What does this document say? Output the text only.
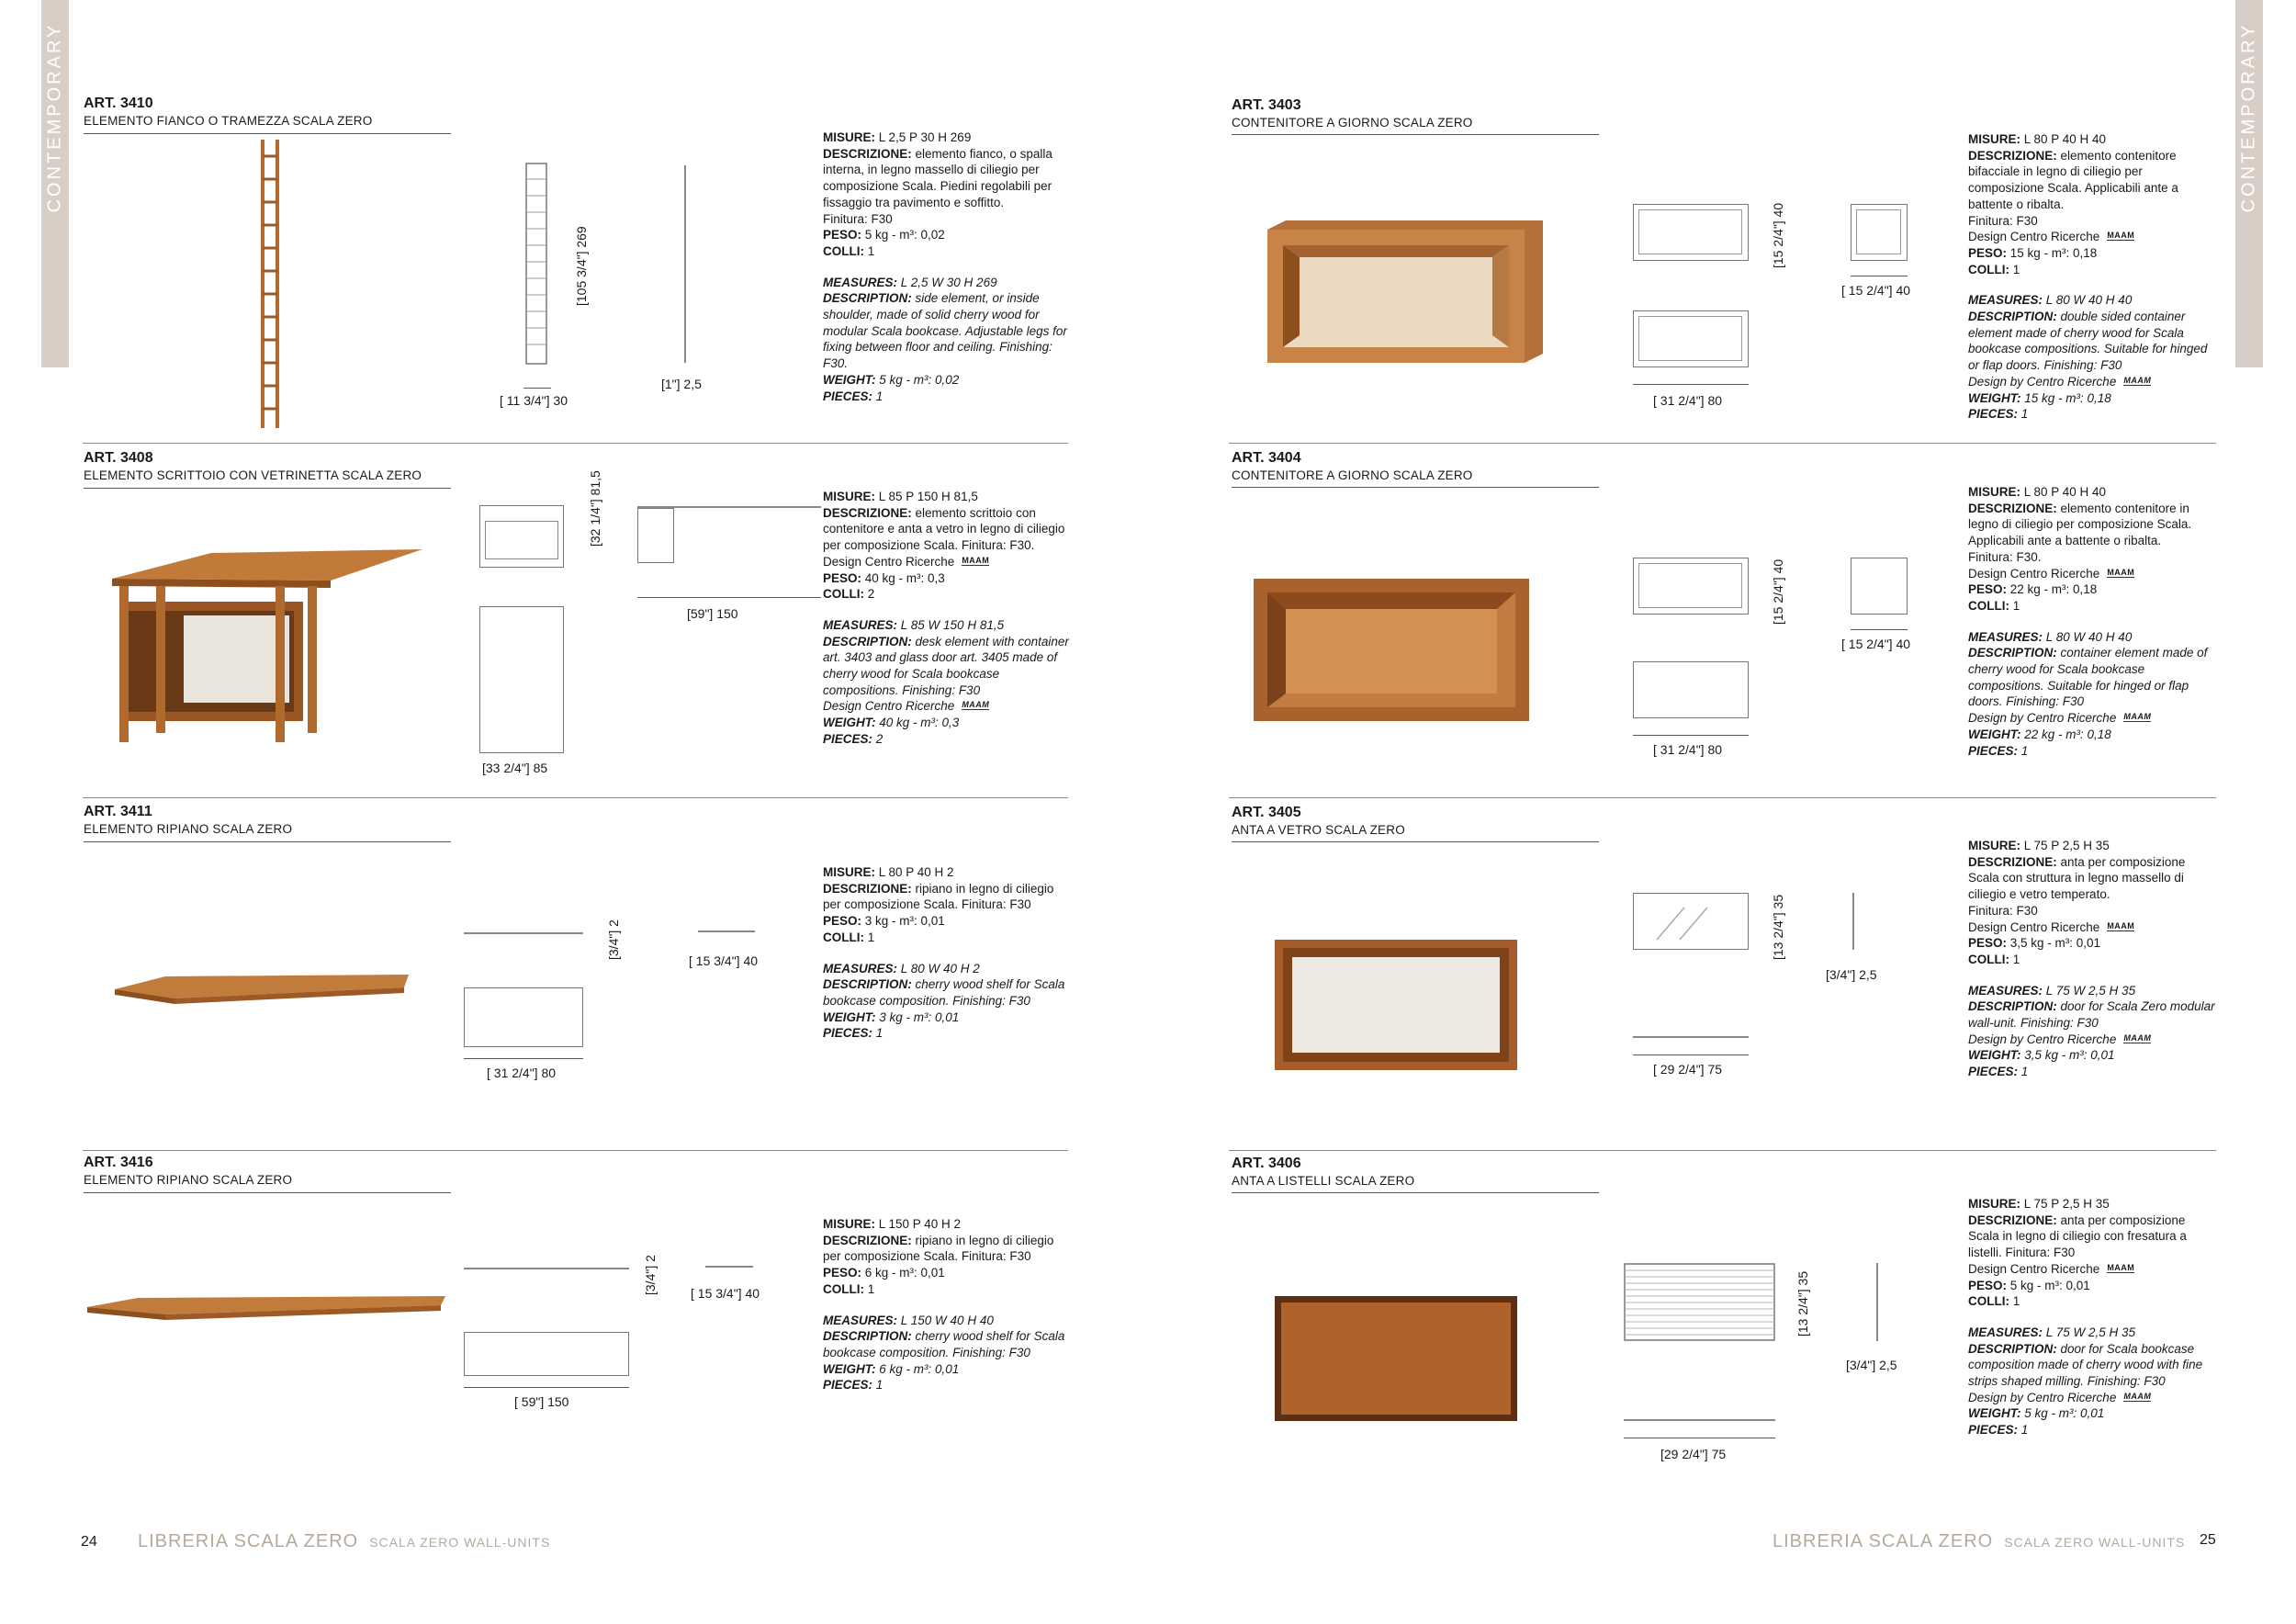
CONTEMPORARY	CONTEMPORARY
ART. 3410
ELEMENTO FIANCO O TRAMEZZA SCALA ZERO
[105 3/4"] 269
[ 11 3/4"] 30
[1"] 2,5
MISURE: L 2,5 P 30 H 269
DESCRIZIONE: elemento fianco, o spalla interna, in legno massello di ciliegio per composizione Scala. Piedini regolabili per fissaggio tra pavimento e soffitto.
Finitura: F30
PESO: 5 kg - m³: 0,02
COLLI: 1
MEASURES: L 2,5 W 30 H 269
DESCRIPTION: side element, or inside shoulder, made of solid cherry wood for modular Scala bookcase. Adjustable legs for fixing between floor and ceiling. Finishing: F30.
WEIGHT: 5 kg - m³: 0,02
PIECES: 1
ART. 3408
ELEMENTO SCRITTOIO CON VETRINETTA SCALA ZERO	[32 1/4"] 81,5
[33 2/4"] 85
[59"] 150
MISURE: L 85 P 150 H 81,5
DESCRIZIONE: elemento scrittoio con contenitore e anta a vetro in legno di ciliegio per composizione Scala. Finitura: F30.
Design Centro Ricerche MAAM
PESO: 40 kg - m³: 0,3
COLLI: 2
MEASURES: L 85 W 150 H 81,5
DESCRIPTION: desk element with container art. 3403 and glass door art. 3405 made of cherry wood for Scala bookcase compositions. Finishing: F30
Design Centro Ricerche MAAM
WEIGHT: 40 kg - m³: 0,3
PIECES: 2
ART. 3411
ELEMENTO RIPIANO SCALA ZERO
[3/4"] 2
[ 31 2/4"] 80
[ 15 3/4"] 40
MISURE: L 80 P 40 H 2
DESCRIZIONE: ripiano in legno di ciliegio per composizione Scala. Finitura: F30
PESO: 3 kg - m³: 0,01
COLLI: 1
MEASURES: L 80 W 40 H 2
DESCRIPTION: cherry wood shelf for Scala bookcase composition. Finishing: F30
WEIGHT: 3 kg - m³: 0,01
PIECES: 1
ART. 3416
ELEMENTO RIPIANO SCALA ZERO
[3/4"] 2
[ 59"] 150
[ 15 3/4"] 40
MISURE: L 150 P 40 H 2
DESCRIZIONE: ripiano in legno di ciliegio per composizione Scala. Finitura: F30
PESO: 6 kg - m³: 0,01
COLLI: 1
MEASURES: L 150 W 40 H 40
DESCRIPTION: cherry wood shelf for Scala bookcase composition. Finishing: F30
WEIGHT: 6 kg - m³: 0,01
PIECES: 1
ART. 3403
CONTENITORE A GIORNO SCALA ZERO
[15 2/4"] 40
[ 31 2/4"] 80
[ 15 2/4"] 40
MISURE: L 80 P 40 H 40
DESCRIZIONE: elemento contenitore bifacciale in legno di ciliegio per composizione Scala. Applicabili ante a battente o ribalta.
Finitura: F30
Design Centro Ricerche MAAM
PESO: 15 kg - m³: 0,18
COLLI: 1
MEASURES: L 80 W 40 H 40
DESCRIPTION: double sided container element made of cherry wood for Scala bookcase compositions. Suitable for hinged or flap doors. Finishing: F30
Design by Centro Ricerche MAAM
WEIGHT: 15 kg - m³: 0,18
PIECES: 1
ART. 3404
CONTENITORE A GIORNO SCALA ZERO
[15 2/4"] 40
[ 31 2/4"] 80
[ 15 2/4"] 40
MISURE: L 80 P 40 H 40
DESCRIZIONE: elemento contenitore in legno di ciliegio per composizione Scala. Applicabili ante a battente o ribalta.
Finitura: F30.
Design Centro Ricerche MAAM
PESO: 22 kg - m³: 0,18
COLLI: 1
MEASURES: L 80 W 40 H 40
DESCRIPTION: container element made of cherry wood for Scala bookcase compositions. Suitable for hinged or flap doors. Finishing: F30
Design by Centro Ricerche MAAM
WEIGHT: 22 kg - m³: 0,18
PIECES: 1
ART. 3405
ANTA A VETRO SCALA ZERO
[13 2/4"] 35
[ 29 2/4"] 75
[3/4"] 2,5
MISURE: L 75 P 2,5 H 35
DESCRIZIONE: anta per composizione Scala con struttura in legno massello di ciliegio e vetro temperato.
Finitura: F30
Design Centro Ricerche MAAM
PESO: 3,5 kg - m³: 0,01
COLLI: 1
MEASURES: L 75 W 2,5 H 35
DESCRIPTION: door for Scala Zero modular wall-unit. Finishing: F30
Design by Centro Ricerche MAAM
WEIGHT: 3,5 kg - m³: 0,01
PIECES: 1
ART. 3406
ANTA A LISTELLI SCALA ZERO
[13 2/4"] 35
[29 2/4"] 75
[3/4"] 2,5
MISURE: L 75 P 2,5 H 35
DESCRIZIONE: anta per composizione Scala in legno di ciliegio con fresatura a listelli. Finitura: F30
Design Centro Ricerche MAAM
PESO: 5 kg - m³: 0,01
COLLI: 1
MEASURES: L 75 W 2,5 H 35
DESCRIPTION: door for Scala bookcase composition made of cherry wood with fine strips shaped milling. Finishing: F30
Design by Centro Ricerche MAAM
WEIGHT: 5 kg - m³: 0,01
PIECES: 1
24 LIBRERIA SCALA ZERO SCALA ZERO WALL-UNITS	LIBRERIA SCALA ZERO SCALA ZERO WALL-UNITS 25
